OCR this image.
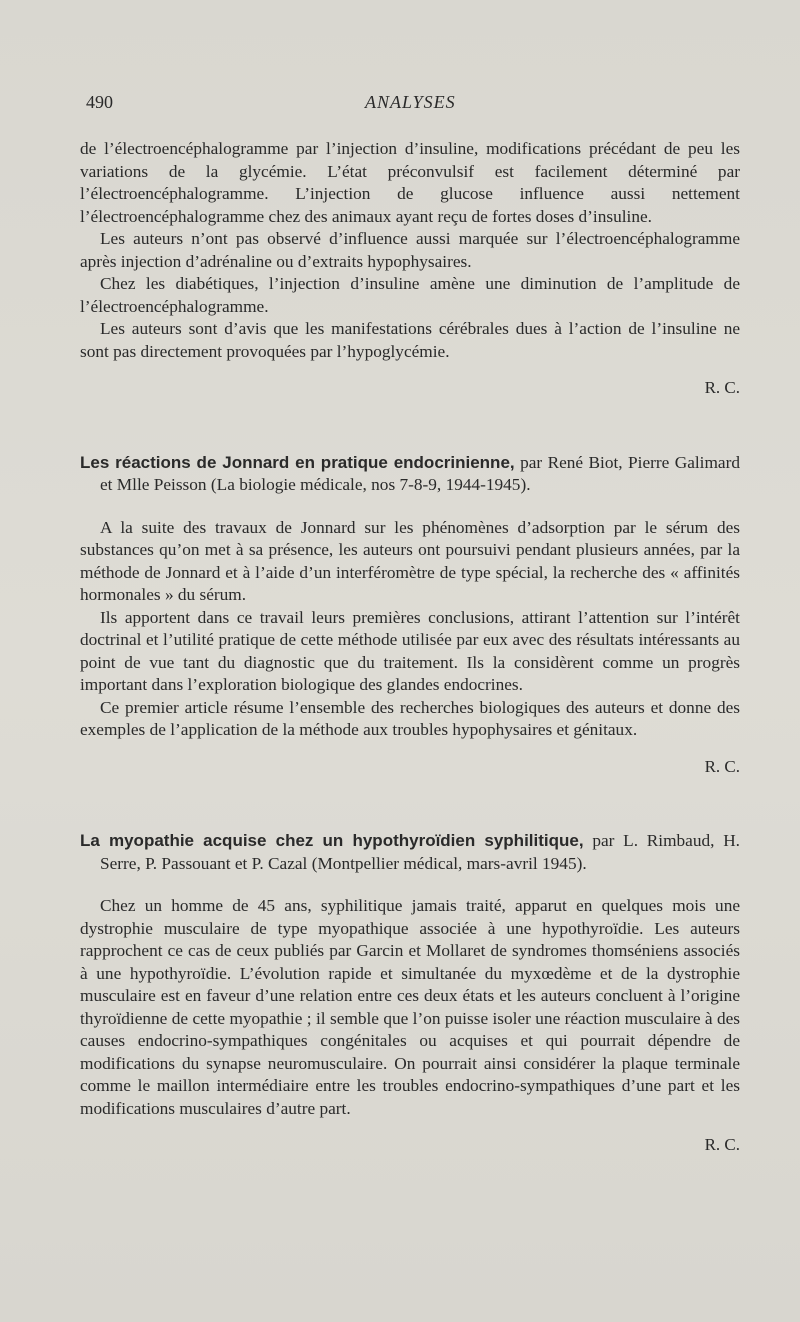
490	ANALYSES

de l’électroencéphalogramme par l’injection d’insuline, modifications précédant de peu les variations de la glycémie. L’état préconvulsif est facilement déterminé par l’électroencéphalogramme. L’injection de glucose influence aussi nettement l’électroencéphalogramme chez des animaux ayant reçu de fortes doses d’insuline.

Les auteurs n’ont pas observé d’influence aussi marquée sur l’électroencéphalogramme après injection d’adrénaline ou d’extraits hypophysaires.

Chez les diabétiques, l’injection d’insuline amène une diminution de l’amplitude de l’électroencéphalogramme.

Les auteurs sont d’avis que les manifestations cérébrales dues à l’action de l’insuline ne sont pas directement provoquées par l’hypoglycémie.

R. C.

Les réactions de Jonnard en pratique endocrinienne, par René Biot, Pierre Galimard et Mlle Peisson (La biologie médicale, nos 7-8-9, 1944-1945).

A la suite des travaux de Jonnard sur les phénomènes d’adsorption par le sérum des substances qu’on met à sa présence, les auteurs ont poursuivi pendant plusieurs années, par la méthode de Jonnard et à l’aide d’un interféromètre de type spécial, la recherche des « affinités hormonales » du sérum.

Ils apportent dans ce travail leurs premières conclusions, attirant l’attention sur l’intérêt doctrinal et l’utilité pratique de cette méthode utilisée par eux avec des résultats intéressants au point de vue tant du diagnostic que du traitement. Ils la considèrent comme un progrès important dans l’exploration biologique des glandes endocrines.

Ce premier article résume l’ensemble des recherches biologiques des auteurs et donne des exemples de l’application de la méthode aux troubles hypophysaires et génitaux.

R. C.

La myopathie acquise chez un hypothyroïdien syphilitique, par L. Rimbaud, H. Serre, P. Passouant et P. Cazal (Montpellier médical, mars-avril 1945).

Chez un homme de 45 ans, syphilitique jamais traité, apparut en quelques mois une dystrophie musculaire de type myopathique associée à une hypothyroïdie. Les auteurs rapprochent ce cas de ceux publiés par Garcin et Mollaret de syndromes thomséniens associés à une hypothyroïdie. L’évolution rapide et simultanée du myxœdème et de la dystrophie musculaire est en faveur d’une relation entre ces deux états et les auteurs concluent à l’origine thyroïdienne de cette myopathie ; il semble que l’on puisse isoler une réaction musculaire à des causes endocrino-sympathiques congénitales ou acquises et qui pourrait dépendre de modifications du synapse neuromusculaire. On pourrait ainsi considérer la plaque terminale comme le maillon intermédiaire entre les troubles endocrino-sympathiques d’une part et les modifications musculaires d’autre part.

R. C.
